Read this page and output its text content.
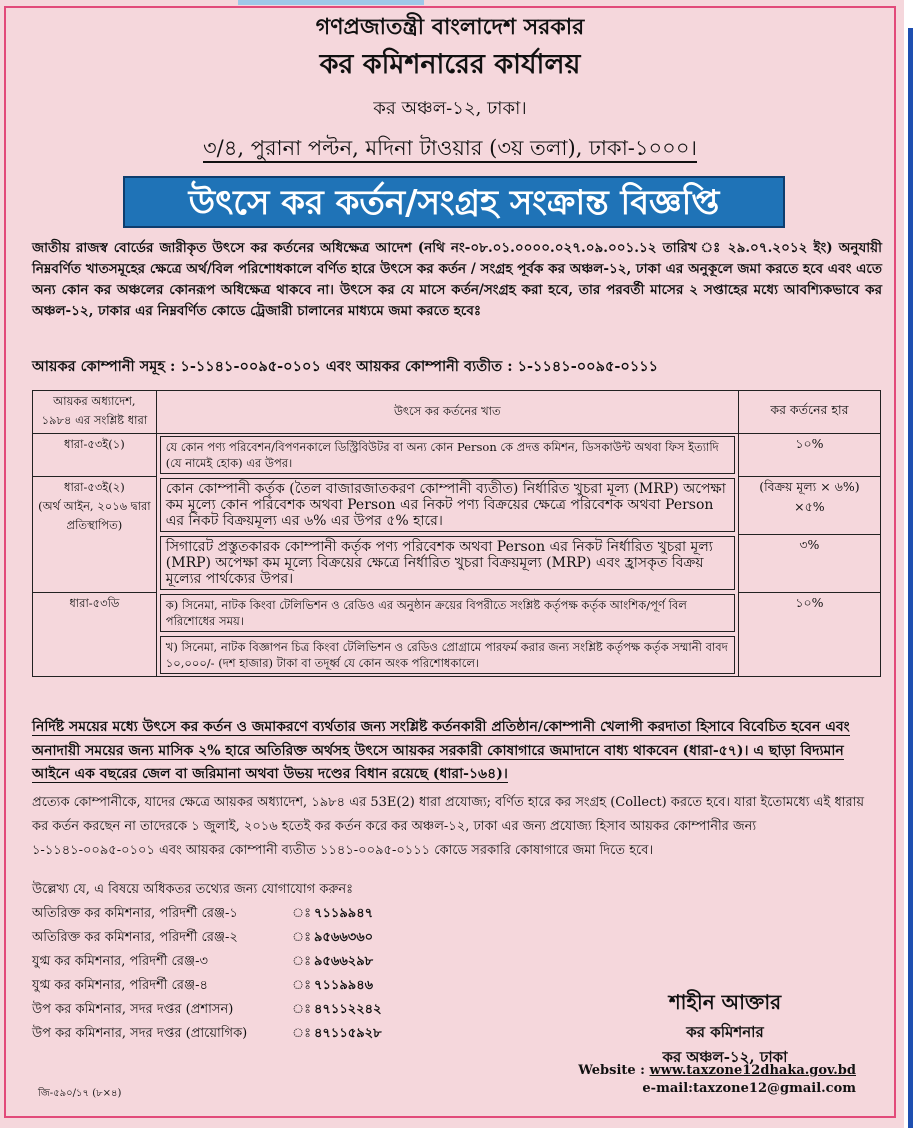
গণপ্রজাতন্ত্রী বাংলাদেশ সরকার
কর কমিশনারের কার্যালয়
কর অঞ্চল-১২, ঢাকা।
৩/৪, পুরানা পল্টন, মদিনা টাওয়ার (৩য় তলা), ঢাকা-১০০০।
উৎসে কর কর্তন/সংগ্রহ সংক্রান্ত বিজ্ঞপ্তি
জাতীয় রাজস্ব বোর্ডের জারীকৃত উৎসে কর কর্তনের অধিক্ষেত্র আদেশ (নথি নং-০৮.০১.০০০০.০২৭.০৯.০০১.১২ তারিখ ঃ ২৯.০৭.২০১২ ইং) অনুযায়ী নিম্নবর্ণিত খাতসমূহের ক্ষেত্রে অর্থ/বিল পরিশোধকালে বর্ণিত হারে উৎসে কর কর্তন / সংগ্রহ পূর্বক কর অঞ্চল-১২, ঢাকা এর অনুকূলে জমা করতে হবে এবং এতে অন্য কোন কর অঞ্চলের কোনরূপ অধিক্ষেত্র থাকবে না। উৎসে কর যে মাসে কর্তন/সংগ্রহ করা হবে, তার পরবর্তী মাসের ২ সপ্তাহের মধ্যে আবশ্যিকভাবে কর অঞ্চল-১২, ঢাকার এর নিম্নবর্ণিত কোডে ট্রেজারী চালানের মাধ্যমে জমা করতে হবেঃ
আয়কর কোম্পানী সমূহ : ১-১১৪১-০০৯৫-০১০১ এবং আয়কর কোম্পানী ব্যতীত : ১-১১৪১-০০৯৫-০১১১
আয়কর অধ্যাদেশ, ১৯৮৪ এর সংশ্লিষ্ট ধারা	উৎসে কর কর্তনের খাত	কর কর্তনের হার
ধারা-৫৩ই(১)	যে কোন পণ্য পরিবেশন/বিপণনকালে ডিস্ট্রিবিউটর বা অন্য কোন Person কে প্রদত্ত কমিশন, ডিসকাউন্ট অথবা ফিস ইত্যাদি (যে নামেই হোক) এর উপর।	১০%

ধারা-৫৩ই(২)
(অর্থ আইন, ২০১৬ দ্বারা প্রতিস্থাপিত)	কোন কোম্পানী কর্তৃক (তৈল বাজারজাতকরণ কোম্পানী ব্যতীত) নির্ধারিত খুচরা মূল্য (MRP) অপেক্ষা কম মূল্যে কোন পরিবেশক অথবা Person এর নিকট পণ্য বিক্রয়ের ক্ষেত্রে পরিবেশক অথবা Person এর নিকট বিক্রয়মূল্য এর ৬% এর উপর ৫% হারে।	(বিক্রয় মূল্য × ৬%) ×৫%

	সিগারেট প্রস্তুতকারক কোম্পানী কর্তৃক পণ্য পরিবেশক অথবা Person এর নিকট নির্ধারিত খুচরা মূল্য (MRP) অপেক্ষা কম মূল্যে বিক্রয়ের ক্ষেত্রে নির্ধারিত খুচরা বিক্রয়মূল্য (MRP) এবং হ্রাসকৃত বিক্রয় মূল্যের পার্থক্যের উপর।	৩%
ধারা-৫৩ডি	ক) সিনেমা, নাটক কিংবা টেলিভিশন ও রেডিও এর অনুষ্ঠান ক্রয়ের বিপরীতে সংশ্লিষ্ট কর্তৃপক্ষ কর্তৃক আংশিক/পূর্ণ বিল পরিশোধের সময়।	১০%

	খ) সিনেমা, নাটক বিজ্ঞাপন চিত্র কিংবা টেলিভিশন ও রেডিও প্রোগ্রামে পারফর্ম করার জন্য সংশ্লিষ্ট কর্তৃপক্ষ কর্তৃক সম্মানী বাবদ ১০,০০০/- (দশ হাজার) টাকা বা তদূর্ধ্ব যে কোন অংক পরিশোধকালে।	
নির্দিষ্ট সময়ের মধ্যে উৎসে কর কর্তন ও জমাকরণে ব্যর্থতার জন্য সংশ্লিষ্ট কর্তনকারী প্রতিষ্ঠান/কোম্পানী খেলাপী করদাতা হিসাবে বিবেচিত হবেন এবং অনাদায়ী সময়ের জন্য মাসিক ২% হারে অতিরিক্ত অর্থসহ উৎসে আয়কর সরকারী কোষাগারে জমাদানে বাধ্য থাকবেন (ধারা-৫৭)। এ ছাড়া বিদ্যমান আইনে এক বছরের জেল বা জরিমানা অথবা উভয় দণ্ডের বিধান রয়েছে (ধারা-১৬৪)।
প্রত্যেক কোম্পানীকে, যাদের ক্ষেত্রে আয়কর অধ্যাদেশ, ১৯৮৪ এর 53E(2) ধারা প্রযোজ্য; বর্ণিত হারে কর সংগ্রহ (Collect) করতে হবে। যারা ইতোমধ্যে এই ধারায় কর কর্তন করছেন না তাদেরকে ১ জুলাই, ২০১৬ হতেই কর কর্তন করে কর অঞ্চল-১২, ঢাকা এর জন্য প্রযোজ্য হিসাব আয়কর কোম্পানীর জন্য ১-১১৪১-০০৯৫-০১০১ এবং আয়কর কোম্পানী ব্যতীত ১১৪১-০০৯৫-০১১১ কোডে সরকারি কোষাগারে জমা দিতে হবে।
উল্লেখ্য যে, এ বিষয়ে অধিকতর তথ্যের জন্য যোগাযোগ করুনঃ
অতিরিক্ত কর কমিশনার, পরিদর্শী রেঞ্জ-১	ঃ ৭১১৯৯৪৭
অতিরিক্ত কর কমিশনার, পরিদর্শী রেঞ্জ-২	ঃ ৯৫৬৬৩৬০
যুগ্ম কর কমিশনার, পরিদর্শী রেঞ্জ-৩	ঃ ৯৫৬৬২৯৮
যুগ্ম কর কমিশনার, পরিদর্শী রেঞ্জ-৪	ঃ ৭১১৯৯৪৬
উপ কর কমিশনার, সদর দপ্তর (প্রশাসন)	ঃ ৪৭১১২২৪২
উপ কর কমিশনার, সদর দপ্তর (প্রায়োগিক)	ঃ ৪৭১১৫৯২৮
শাহীন আক্তার
কর কমিশনার
কর অঞ্চল-১২, ঢাকা
Website : www.taxzone12dhaka.gov.bd
e-mail:taxzone12@gmail.com
জি-৫৯০/১৭ (৮×৪)
